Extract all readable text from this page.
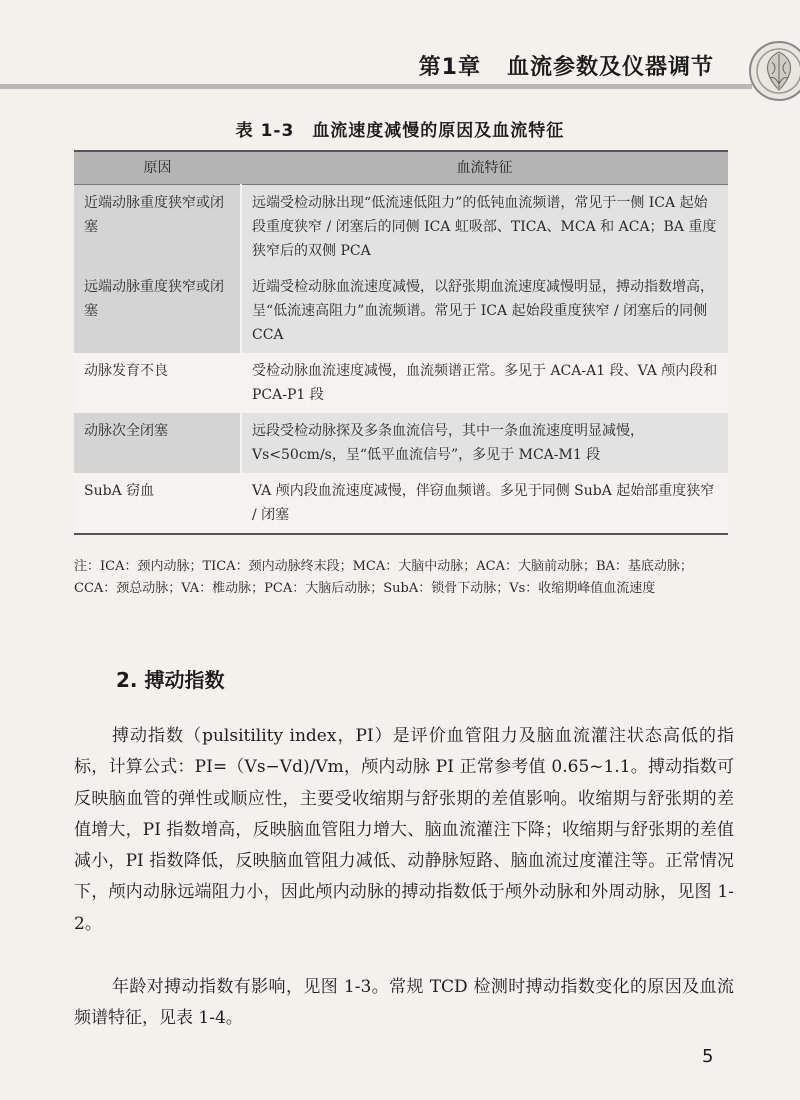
第1章 血流参数及仪器调节
表 1-3 血流速度减慢的原因及血流特征
原因	血流特征
近端动脉重度狭窄或闭塞	远端受检动脉出现“低流速低阻力”的低钝血流频谱，常见于一侧 ICA 起始段重度狭窄 / 闭塞后的同侧 ICA 虹吸部、TICA、MCA 和 ACA；BA 重度狭窄后的双侧 PCA
远端动脉重度狭窄或闭塞	近端受检动脉血流速度减慢，以舒张期血流速度减慢明显，搏动指数增高，呈“低流速高阻力”血流频谱。常见于 ICA 起始段重度狭窄 / 闭塞后的同侧 CCA
动脉发育不良	受检动脉血流速度减慢，血流频谱正常。多见于 ACA-A1 段、VA 颅内段和 PCA-P1 段
动脉次全闭塞	远段受检动脉探及多条血流信号，其中一条血流速度明显减慢，Vs<50cm/s，呈“低平血流信号”，多见于 MCA-M1 段
SubA 窃血	VA 颅内段血流速度减慢，伴窃血频谱。多见于同侧 SubA 起始部重度狭窄 / 闭塞
注：ICA：颈内动脉；TICA：颈内动脉终末段；MCA：大脑中动脉；ACA：大脑前动脉；BA：基底动脉；CCA：颈总动脉；VA：椎动脉；PCA：大脑后动脉；SubA：锁骨下动脉；Vs：收缩期峰值血流速度
2. 搏动指数

搏动指数（pulsitility index，PI）是评价血管阻力及脑血流灌注状态高低的指标，计算公式：PI=（Vs−Vd)/Vm，颅内动脉 PI 正常参考值 0.65~1.1。搏动指数可反映脑血管的弹性或顺应性，主要受收缩期与舒张期的差值影响。收缩期与舒张期的差值增大，PI 指数增高，反映脑血管阻力增大、脑血流灌注下降；收缩期与舒张期的差值减小，PI 指数降低，反映脑血管阻力减低、动静脉短路、脑血流过度灌注等。正常情况下，颅内动脉远端阻力小，因此颅内动脉的搏动指数低于颅外动脉和外周动脉，见图 1-2。

年龄对搏动指数有影响，见图 1-3。常规 TCD 检测时搏动指数变化的原因及血流频谱特征，见表 1-4。

5
